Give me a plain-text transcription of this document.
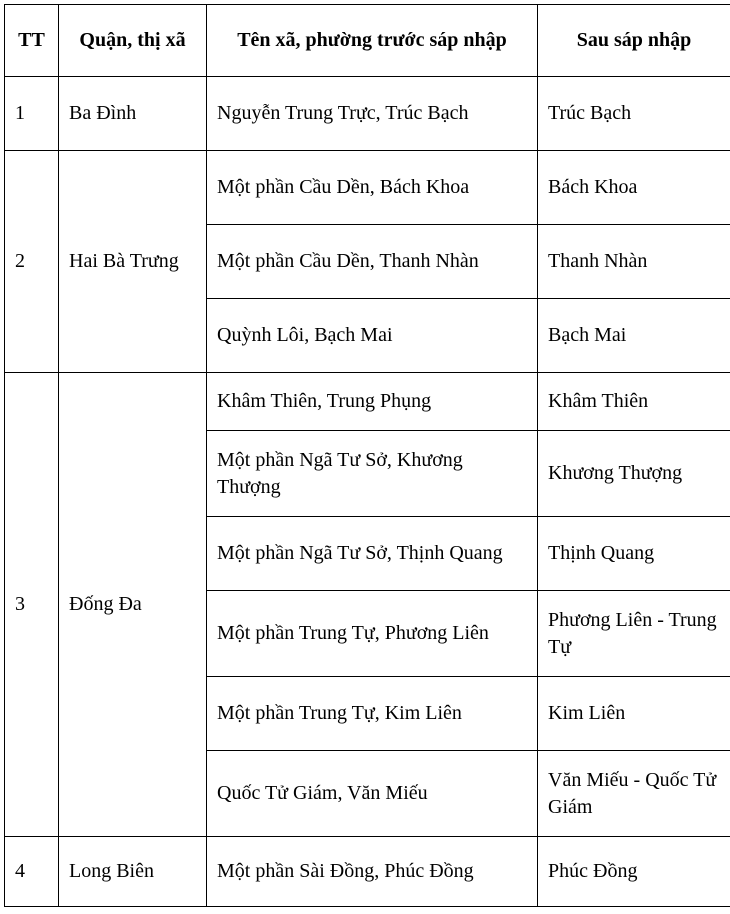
TT	Quận, thị xã	Tên xã, phường trước sáp nhập	Sau sáp nhập
1	Ba Đình	Nguyễn Trung Trực, Trúc Bạch	Trúc Bạch
2	Hai Bà Trưng	Một phần Cầu Dền, Bách Khoa	Bách Khoa
		Một phần Cầu Dền, Thanh Nhàn	Thanh Nhàn
		Quỳnh Lôi, Bạch Mai	Bạch Mai
3	Đống Đa	Khâm Thiên, Trung Phụng	Khâm Thiên
		Một phần Ngã Tư Sở, Khương Thượng	Khương Thượng
		Một phần Ngã Tư Sở, Thịnh Quang	Thịnh Quang
		Một phần Trung Tự, Phương Liên	Phương Liên - Trung Tự
		Một phần Trung Tự, Kim Liên	Kim Liên
		Quốc Tử Giám, Văn Miếu	Văn Miếu - Quốc Tử Giám
4	Long Biên	Một phần Sài Đồng, Phúc Đồng	Phúc Đồng
